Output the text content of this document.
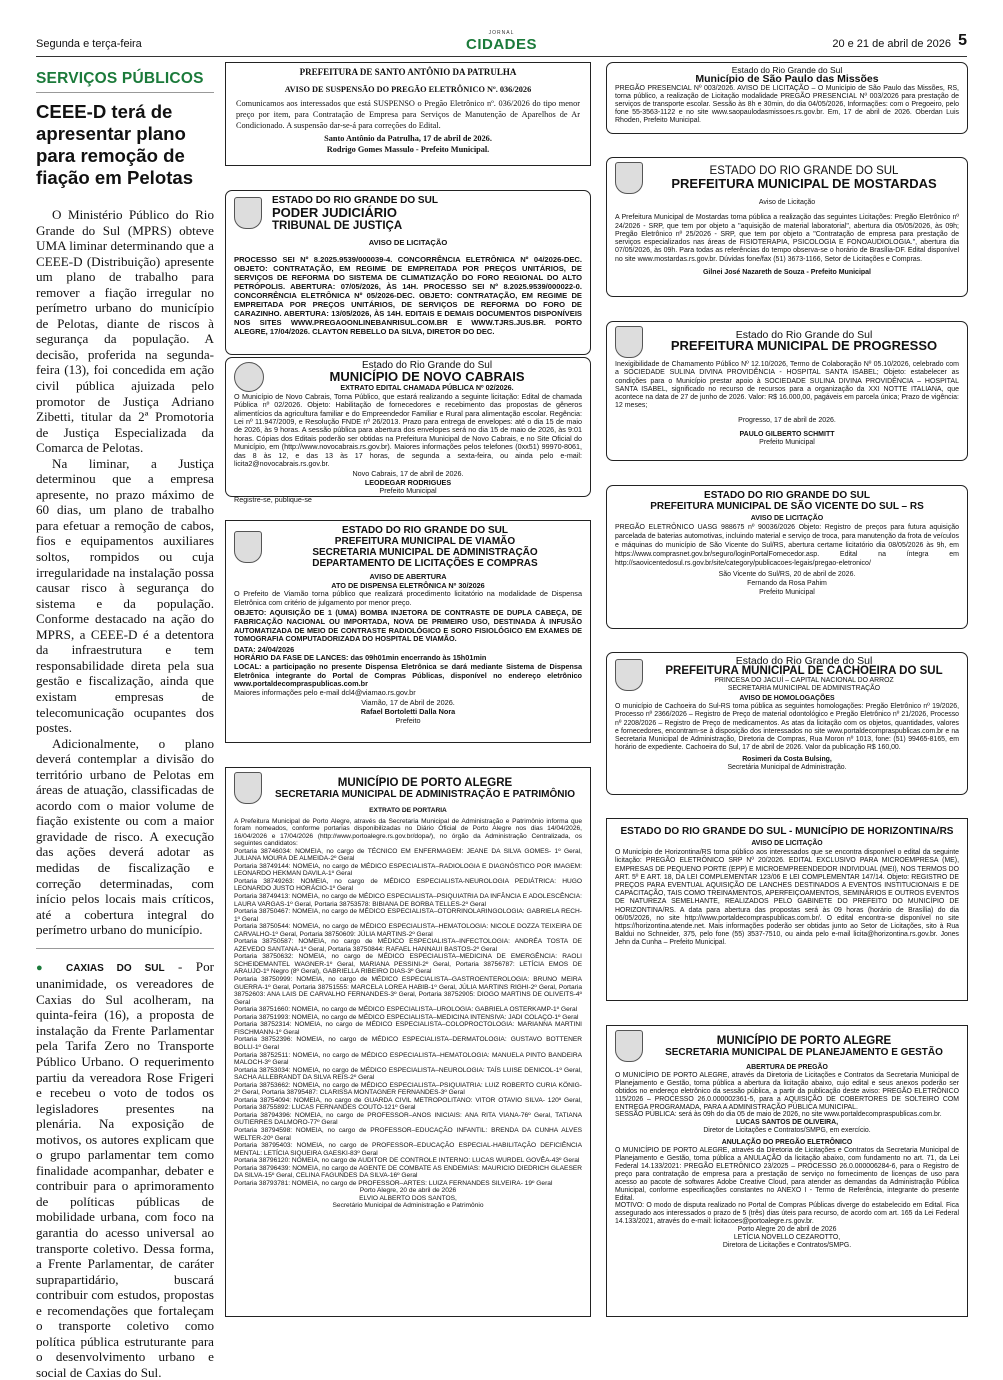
Segunda e terça-feira
JORNAL
CIDADES	20 e 21 de abril de 2026 5
SERVIÇOS PÚBLICOS
CEEE-D terá de apresentar plano para remoção de fiação em Pelotas

O Ministério Público do Rio Grande do Sul (MPRS) obteve UMA liminar determinando que a CEEE-D (Distribuição) apresente um plano de trabalho para remover a fiação irregular no perímetro urbano do município de Pelotas, diante de riscos à segurança da população. A decisão, proferida na segunda-feira (13), foi concedida em ação civil pública ajuizada pelo promotor de Justiça Adriano Zibetti, titular da 2ª Promotoria de Justiça Especializada da Comarca de Pelotas.

Na liminar, a Justiça determinou que a empresa apresente, no prazo máximo de 60 dias, um plano de trabalho para efetuar a remoção de cabos, fios e equipamentos auxiliares soltos, rompidos ou cuja irregularidade na instalação possa causar risco à segurança do sistema e da população. Conforme destacado na ação do MPRS, a CEEE-D é a detentora da infraestrutura e tem responsabilidade direta pela sua gestão e fiscalização, ainda que existam empresas de telecomunicação ocupantes dos postes.

Adicionalmente, o plano deverá contemplar a divisão do território urbano de Pelotas em áreas de atuação, classificadas de acordo com o maior volume de fiação existente ou com a maior gravidade de risco. A execução das ações deverá adotar as medidas de fiscalização e correção determinadas, com início pelos locais mais críticos, até a cobertura integral do perímetro urbano do município.

● CAXIAS DO SUL - Por unanimidade, os vereadores de Caxias do Sul acolheram, na quinta-feira (16), a proposta de instalação da Frente Parlamentar pela Tarifa Zero no Transporte Público Urbano. O requerimento partiu da vereadora Rose Frigeri e recebeu o voto de todos os legisladores presentes na plenária. Na exposição de motivos, os autores explicam que o grupo parlamentar tem como finalidade acompanhar, debater e contribuir para o aprimoramento de políticas públicas de mobilidade urbana, com foco na garantia do acesso universal ao transporte coletivo. Dessa forma, a Frente Parlamentar, de caráter suprapartidário, buscará contribuir com estudos, propostas e recomendações que fortaleçam o transporte coletivo como política pública estruturante para o desenvolvimento urbano e social de Caxias do Sul.

PREFEITURA DE SANTO ANTÔNIO DA PATRULHA
AVISO DE SUSPENSÃO DO PREGÃO ELETRÔNICO Nº. 036/2026

Comunicamos aos interessados que está SUSPENSO o Pregão Eletrônico nº. 036/2026 do tipo menor preço por item, para Contratação de Empresa para Serviços de Manutenção de Aparelhos de Ar Condicionado. A suspensão dar-se-á para correções do Edital.

Santo Antônio da Patrulha, 17 de abril de 2026.
Rodrigo Gomes Massulo - Prefeito Municipal.
ESTADO DO RIO GRANDE DO SUL
PODER JUDICIÁRIO
TRIBUNAL DE JUSTIÇA
AVISO DE LICITAÇÃO

PROCESSO SEI Nº 8.2025.9539/000039-4. CONCORRÊNCIA ELETRÔNICA Nº 04/2026-DEC. OBJETO: CONTRATAÇÃO, EM REGIME DE EMPREITADA POR PREÇOS UNITÁRIOS, DE SERVIÇOS DE REFORMA DO SISTEMA DE CLIMATIZAÇÃO DO FORO REGIONAL DO ALTO PETRÓPOLIS. ABERTURA: 07/05/2026, ÀS 14H. PROCESSO SEI Nº 8.2025.9539/000022-0. CONCORRÊNCIA ELETRÔNICA Nº 05/2026-DEC. OBJETO: CONTRATAÇÃO, EM REGIME DE EMPREITADA POR PREÇOS UNITÁRIOS, DE SERVIÇOS DE REFORMA DO FORO DE CARAZINHO. ABERTURA: 13/05/2026, ÀS 14H. EDITAIS E DEMAIS DOCUMENTOS DISPONÍVEIS NOS SITES WWW.PREGAOONLINEBANRISUL.COM.BR E WWW.TJRS.JUS.BR. PORTO ALEGRE, 17/04/2026. CLAYTON REBELLO DA SILVA, DIRETOR DO DEC.

Estado do Rio Grande do Sul
MUNICÍPIO DE NOVO CABRAIS
EXTRATO EDITAL CHAMADA PÚBLICA Nº 02/2026.

O Município de Novo Cabrais, Torna Público, que estará realizando a seguinte licitação: Edital de chamada Pública nº 02/2026. Objeto: Habilitação de fornecedores e recebimento das propostas de gêneros alimentícios da agricultura familiar e do Empreendedor Familiar e Rural para alimentação escolar. Regência: Lei nº 11.947/2009, e Resolução FNDE nº 26/2013. Prazo para entrega de envelopes: até o dia 15 de maio de 2026, às 9 horas. A sessão pública para abertura dos envelopes será no dia 15 de maio de 2026, às 9:01 horas. Cópias dos Editais poderão ser obtidas na Prefeitura Municipal de Novo Cabrais, e no Site Oficial do Município, em (http://www.novocabrais.rs.gov.br). Maiores informações pelos telefones (0xx51) 99970-8061, das 8 às 12, e das 13 às 17 horas, de segunda a sexta-feira, ou ainda pelo e-mail: licita2@novocabrais.rs.gov.br.

Novo Cabrais, 17 de abril de 2026.
LEODEGAR RODRIGUES
Prefeito Municipal
Registre-se, publique-se
ESTADO DO RIO GRANDE DO SUL
PREFEITURA MUNICIPAL DE VIAMÃO
SECRETARIA MUNICIPAL DE ADMINISTRAÇÃO
DEPARTAMENTO DE LICITAÇÕES E COMPRAS
AVISO DE ABERTURA
ATO DE DISPENSA ELETRÔNICA Nº 30/2026

O Prefeito de Viamão torna público que realizará procedimento licitatório na modalidade de Dispensa Eletrônica com critério de julgamento por menor preço.

OBJETO: AQUISIÇÃO DE 1 (UMA) BOMBA INJETORA DE CONTRASTE DE DUPLA CABEÇA, DE FABRICAÇÃO NACIONAL OU IMPORTADA, NOVA DE PRIMEIRO USO, DESTINADA À INFUSÃO AUTOMATIZADA DE MEIO DE CONTRASTE RADIOLÓGICO E SORO FISIOLÓGICO EM EXAMES DE TOMOGRAFIA COMPUTADORIZADA DO HOSPITAL DE VIAMÃO.

DATA: 24/04/2026

HORÁRIO DA FASE DE LANCES: das 09h01min encerrando às 15h01min

LOCAL: a participação no presente Dispensa Eletrônica se dará mediante Sistema de Dispensa Eletrônica integrante do Portal de Compras Públicas, disponível no endereço eletrônico www.portaldecompraspublicas.com.br

Maiores informações pelo e-mail dcl4@viamao.rs.gov.br

Viamão, 17 de Abril de 2026.
Rafael Bortoletti Dalla Nora
Prefeito
MUNICÍPIO DE PORTO ALEGRE
SECRETARIA MUNICIPAL DE ADMINISTRAÇÃO E PATRIMÔNIO
EXTRATO DE PORTARIA

A Prefeitura Municipal de Porto Alegre, através da Secretaria Municipal de Administração e Patrimônio informa que foram nomeados, conforme portarias disponibilizadas no Diário Oficial de Porto Alegre nos dias 14/04/2026, 16/04/2026 e 17/04/2026 (http://www.portoalegre.rs.gov.br/dopa/), no órgão da Administração Centralizada, os seguintes candidatos:

Portaria 38746034: NOMEIA, no cargo de TÉCNICO EM ENFERMAGEM: JEANE DA SILVA GOMES- 1º Geral, JULIANA MOURA DE ALMEIDA-2º Geral

Portaria 38749144: NOMEIA, no cargo de MÉDICO ESPECIALISTA–RADIOLOGIA E DIAGNÓSTICO POR IMAGEM: LEONARDO HEKMAN DAVILA-1º Geral

Portaria 38749263: NOMEIA, no cargo de MÉDICO ESPECIALISTA-NEUROLOGIA PEDIÁTRICA: HUGO LEONARDO JUSTO HORÁCIO-1º Geral

Portaria 38749413: NOMEIA, no cargo de MÉDICO ESPECIALISTA–PSIQUIATRIA DA INFÂNCIA E ADOLESCÊNCIA: LAURA VARGAS-1º Geral, Portaria 38753578: BIBIANA DE BORBA TELLES-2º Geral

Portaria 38750467: NOMEIA, no cargo de MÉDICO ESPECIALISTA–OTORRINOLARINGOLOGIA: GABRIELA RECH-1º Geral

Portaria 38750544: NOMEIA, no cargo de MÉDICO ESPECIALISTA–HEMATOLOGIA: NICOLE DOZZA TEIXEIRA DE CARVALHO-1º Geral, Portaria 38750609: JÚLIA MARTINS-2º Geral

Portaria 38750587: NOMEIA, no cargo de MÉDICO ESPECIALISTA–INFECTOLOGIA: ANDRÉA TOSTA DE AZEVEDO SANTANA-1º Geral, Portaria 38750844: RAFAEL HANNAUI BASTOS-2º Geral

Portaria 38750632: NOMEIA, no cargo de MÉDICO ESPECIALISTA–MEDICINA DE EMERGÊNCIA: RAOLI SCHEIDEMANTEL WAGNER-1º Geral, MARIANA PESSINI-2º Geral, Portaria 38756787: LETÍCIA EMOS DE ARAUJO-1º Negro (8º Geral), GABRIELLA RIBEIRO DIAS-3º Geral

Portaria 38750999: NOMEIA, no cargo de MÉDICO ESPECIALISTA–GASTROENTEROLOGIA: BRUNO MEIRA GUERRA-1º Geral, Portaria 38751555: MARCELA LOREA HABIB-1º Geral, JÚLIA MARTINS RIGHI-2º Geral, Portaria 38752603: ANA LAIS DE CARVALHO FERNANDES-3º Geral, Portaria 38752905: DIOGO MARTINS DE OLIVEITS-4º Geral

Portaria 38751660: NOMEIA, no cargo de MÉDICO ESPECIALISTA–UROLOGIA: GABRIELA OSTERKAMP-1º Geral

Portaria 38751993: NOMEIA, no cargo de MÉDICO ESPECIALISTA–MEDICINA INTENSIVA: JADI COLAÇO-1º Geral

Portaria 38752314: NOMEIA, no cargo de MÉDICO ESPECIALISTA–COLOPROCTOLOGIA: MARIANNA MARTINI FISCHMANN-1º Geral

Portaria 38752396: NOMEIA, no cargo de MÉDICO ESPECIALISTA–DERMATOLOGIA: GUSTAVO BOTTENER BOLLI-1º Geral

Portaria 38752511: NOMEIA, no cargo de MÉDICO ESPECIALISTA–HEMATOLOGIA: MANUELA PINTO BANDEIRA MALOCH-3º Geral

Portaria 38753034: NOMEIA, no cargo de MÉDICO ESPECIALISTA–NEUROLOGIA: TAÍS LUISE DENICOL-1º Geral, SACHA ALLEBRANDT DA SILVA REIS-2º Geral

Portaria 38753662: NOMEIA, no cargo de MÉDICO ESPECIALISTA–PSIQUIATRIA: LUIZ ROBERTO CURIA KÖNIG-2º Geral, Portaria 38795487: CLARISSA MONTAGNER FERNANDES-3º Geral

Portaria 38754094: NOMEIA, no cargo de GUARDA CIVIL METROPOLITANO: VITOR OTAVIO SILVA- 120º Geral, Portaria 38755892: LUCAS FERNANDES COUTO-121º Geral

Portaria 38794396: NOMEIA, no cargo de PROFESSOR–ANOS INICIAIS: ANA RITA VIANA-76º Geral, TATIANA GUTIERRES DALMORO-77º Geral

Portaria 38794598: NOMEIA, no cargo de PROFESSOR–EDUCAÇÃO INFANTIL: BRENDA DA CUNHA ALVES WELTER-20º Geral

Portaria 38795403: NOMEIA, no cargo de PROFESSOR–EDUCAÇÃO ESPECIAL-HABILITAÇÃO DEFICIÊNCIA MENTAL: LETÍCIA SIQUEIRA GAESKI-83º Geral

Portaria 38796120: NOMEIA, no cargo de AUDITOR DE CONTROLE INTERNO: LUCAS WURDEL GOVÊA-43º Geral

Portaria 38796439: NOMEIA, no cargo de AGENTE DE COMBATE AS ENDEMIAS: MAURICIO DIEDRICH GLAESER DA SILVA-15º Geral, CELINA FAGUNDES DA SILVA-16º Geral

Portaria 38793781: NOMEIA, no cargo de PROFESSOR–ARTES: LUIZA FERNANDES SILVEIRA- 19º Geral

Porto Alegre, 20 de abril de 2026
ELVIO ALBERTO DOS SANTOS,
Secretário Municipal de Administração e Patrimônio
Estado do Rio Grande do Sul
Município de São Paulo das Missões

PREGÃO PRESENCIAL Nº 003/2026. AVISO DE LICITAÇÃO – O Município de São Paulo das Missões, RS, torna público, a realização de Licitação modalidade PREGÃO PRESENCIAL Nº 003/2026 para prestação de serviços de transporte escolar. Sessão às 8h e 30min, do dia 04/05/2026, Informações: com o Pregoeiro, pelo fone 55-3563-1122 e no site www.saopaulodasmissoes.rs.gov.br. Em, 17 de abril de 2026. Oberdan Luis Rhoden, Prefeito Municipal.

ESTADO DO RIO GRANDE DO SUL
PREFEITURA MUNICIPAL DE MOSTARDAS
Aviso de Licitação

A Prefeitura Municipal de Mostardas torna pública a realização das seguintes Licitações: Pregão Eletrônico nº 24/2026 - SRP, que tem por objeto a "aquisição de material laboratorial", abertura dia 05/05/2026, às 09h; Pregão Eletrônico nº 25/2026 - SRP, que tem por objeto a "Contratação de empresa para prestação de serviços especializados nas áreas de FISIOTERAPIA, PSICOLOGIA E FONOAUDIOLOGIA.", abertura dia 07/05/2026, às 09h. Para todas as referências do tempo observa-se o horário de Brasília-DF. Edital disponível no site www.mostardas.rs.gov.br. Dúvidas fone/fax (51) 3673-1166, Setor de Licitações e Compras.

Gilnei José Nazareth de Souza - Prefeito Municipal
Estado do Rio Grande do Sul
PREFEITURA MUNICIPAL DE PROGRESSO

Inexigibilidade de Chamamento Público Nº 12.10/2026, Termo de Colaboração Nº 05.10/2026, celebrado com a SOCIEDADE SULINA DIVINA PROVIDÊNCIA - HOSPITAL SANTA ISABEL; Objeto: estabelecer as condições para o Município prestar apoio à SOCIEDADE SULINA DIVINA PROVIDÊNCIA – HOSPITAL SANTA ISABEL, significado no recurso de recursos para a organização da XXI NOTTE ITALIANA, que acontece na data de 27 de junho de 2026. Valor: R$ 16.000,00, pagáveis em parcela única; Prazo de vigência: 12 meses;

Progresso, 17 de abril de 2026.
PAULO GILBERTO SCHMITT
Prefeito Municipal
ESTADO DO RIO GRANDE DO SUL
PREFEITURA MUNICIPAL DE SÃO VICENTE DO SUL – RS
AVISO DE LICITAÇÃO

PREGÃO ELETRÔNICO UASG 988675 nº 90036/2026 Objeto: Registro de preços para futura aquisição parcelada de baterias automotivas, incluindo material e serviço de troca, para manutenção da frota de veículos e máquinas do município de São Vicente do Sul/RS, abertura certame licitatório dia 08/05/2026 às 9h, em https://www.comprasnet.gov.br/seguro/loginPortalFornecedor.asp. Edital na íntegra em http://saovicentedosul.rs.gov.br/site/category/publicacoes-legais/pregao-eletronico/

São Vicente do Sul/RS, 20 de abril de 2026.
Fernando da Rosa Pahim
Prefeito Municipal
Estado do Rio Grande do Sul
PREFEITURA MUNICIPAL DE CACHOEIRA DO SUL
PRINCESA DO JACUÍ – CAPITAL NACIONAL DO ARROZ
SECRETARIA MUNICIPAL DE ADMINISTRAÇÃO
AVISO DE HOMOLOGAÇÕES

O município de Cachoeira do Sul-RS torna pública as seguintes homologações: Pregão Eletrônico nº 19/2026, Processo nº 2366/2026 – Registro de Preço de material odontológico e Pregão Eletrônico nº 21/2026, Processo nº 2208/2026 – Registro de Preço de medicamentos. As atas da licitação com os objetos, quantidades, valores e fornecedores, encontram-se à disposição dos interessados no site www.portaldecompraspublicas.com.br e na Secretaria Municipal de Administração, Diretoria de Compras, Rua Moron nº 1013, fone: (51) 99465-8165, em horário de expediente. Cachoeira do Sul, 17 de abril de 2026. Valor da publicação R$ 160,00.

Rosimeri da Costa Bulsing,
Secretária Municipal de Administração.
ESTADO DO RIO GRANDE DO SUL - MUNICÍPIO DE HORIZONTINA/RS
AVISO DE LICITAÇÃO

O Município de Horizontina/RS torna público aos interessados que se encontra disponível o edital da seguinte licitação: PREGÃO ELETRÔNICO SRP Nº 20/2026. EDITAL EXCLUSIVO PARA MICROEMPRESA (ME), EMPRESAS DE PEQUENO PORTE (EPP) E MICROEMPREENDEDOR INDIVIDUAL (MEI), NOS TERMOS DO ART. 5º E ART. 18, DA LEI COMPLEMENTAR 123/06 E LEI COMPLEMENTAR 147/14. Objeto: REGISTRO DE PREÇOS PARA EVENTUAL AQUISIÇÃO DE LANCHES DESTINADOS A EVENTOS INSTITUCIONAIS E DE CAPACITAÇÃO, TAIS COMO TREINAMENTOS, APERFEIÇOAMENTOS, SEMINÁRIOS E OUTROS EVENTOS DE NATUREZA SEMELHANTE, REALIZADOS PELO GABINETE DO PREFEITO DO MUNICÍPIO DE HORIZONTINA/RS. A data para abertura das propostas será às 09 horas (horário de Brasília) do dia 06/05/2026, no site http://www.portaldecompraspublicas.com.br/. O edital encontra-se disponível no site https://horizontina.atende.net. Mais informações poderão ser obtidas junto ao Setor de Licitações, sito à Rua Baldui no Schneider, 375, pelo fone (55) 3537-7510, ou ainda pelo e-mail licita@horizontina.rs.gov.br. Jones Jehn da Cunha – Prefeito Municipal.

MUNICÍPIO DE PORTO ALEGRE
SECRETARIA MUNICIPAL DE PLANEJAMENTO E GESTÃO
ABERTURA DE PREGÃO

O MUNICÍPIO DE PORTO ALEGRE, através da Diretoria de Licitações e Contratos da Secretaria Municipal de Planejamento e Gestão, torna pública a abertura da licitação abaixo, cujo edital e seus anexos poderão ser obtidos no endereço eletrônico da sessão pública, a partir da publicação deste aviso: PREGÃO ELETRÔNICO 115/2026 – PROCESSO 26.0.000002361-5, para a AQUISIÇÃO DE COBERTORES DE SOLTEIRO COM ENTREGA PROGRAMADA, PARA A ADMINISTRAÇÃO PÚBLICA MUNICIPAL.

SESSÃO PÚBLICA: será às 09h do dia 05 de maio de 2026, no site www.portaldecompraspublicas.com.br.

LUCAS SANTOS DE OLIVEIRA,
Diretor de Licitações e Contratos/SMPG, em exercício.
ANULAÇÃO DO PREGÃO ELETRÔNICO

O MUNICÍPIO DE PORTO ALEGRE, através da Diretoria de Licitações e Contratos da Secretaria Municipal de Planejamento e Gestão, torna pública a ANULAÇÃO da licitação abaixo, com fundamento no art. 71, da Lei Federal 14.133/2021: PREGÃO ELETRÔNICO 23/2025 – PROCESSO 26.0.000006284-6, para o Registro de preço para contratação de empresa para a prestação de serviço no fornecimento de licenças de uso para acesso ao pacote de softwares Adobe Creative Cloud, para atender as demandas da Administração Pública Municipal, conforme especificações constantes no ANEXO I - Termo de Referência, integrante do presente Edital.

MOTIVO: O modo de disputa realizado no Portal de Compras Públicas diverge do estabelecido em Edital. Fica assegurado aos interessados o prazo de 5 (três) dias úteis para recurso, de acordo com art. 165 da Lei Federal 14.133/2021, através do e-mail: licitacoes@portoalegre.rs.gov.br.

Porto Alegre 20 de abril de 2026
LETÍCIA NOVELLO CEZAROTTO,
Diretora de Licitações e Contratos/SMPG.
